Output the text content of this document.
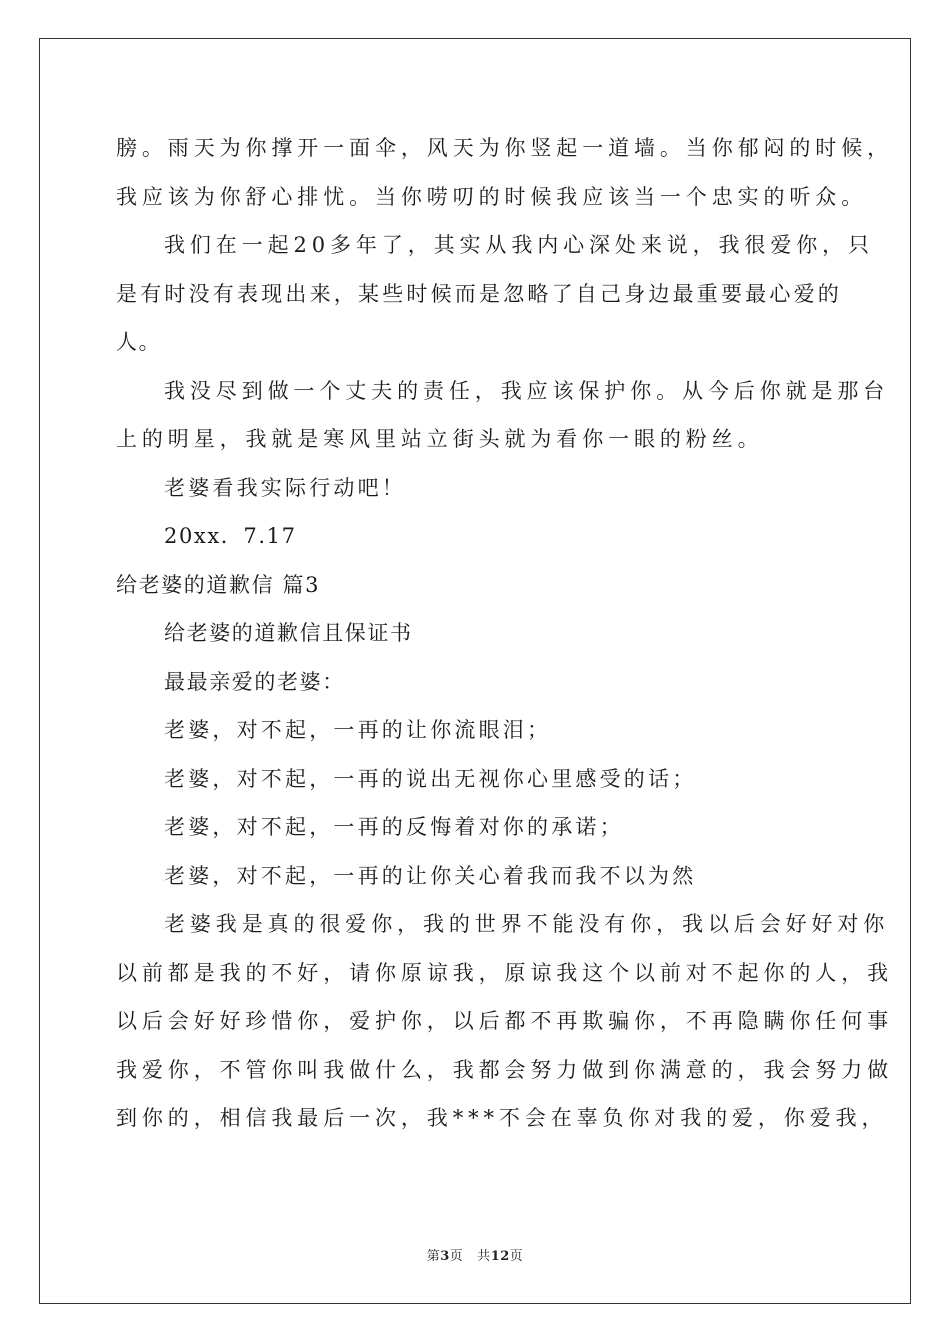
膀。雨天为你撑开一面伞，风天为你竖起一道墙。当你郁闷的时候，
我应该为你舒心排忧。当你唠叨的时候我应该当一个忠实的听众。
我们在一起20多年了，其实从我内心深处来说，我很爱你，只
是有时没有表现出来，某些时候而是忽略了自己身边最重要最心爱的
人。
我没尽到做一个丈夫的责任，我应该保护你。从今后你就是那台
上的明星，我就是寒风里站立街头就为看你一眼的粉丝。
老婆看我实际行动吧！
20xx．7.17
给老婆的道歉信 篇3
给老婆的道歉信且保证书
最最亲爱的老婆：
老婆，对不起，一再的让你流眼泪；
老婆，对不起，一再的说出无视你心里感受的话；
老婆，对不起，一再的反悔着对你的承诺；
老婆，对不起，一再的让你关心着我而我不以为然
老婆我是真的很爱你，我的世界不能没有你，我以后会好好对你
以前都是我的不好，请你原谅我，原谅我这个以前对不起你的人，我
以后会好好珍惜你，爱护你，以后都不再欺骗你，不再隐瞒你任何事
我爱你，不管你叫我做什么，我都会努力做到你满意的，我会努力做
到你的，相信我最后一次，我***不会在辜负你对我的爱，你爱我，
第3页 共12页
